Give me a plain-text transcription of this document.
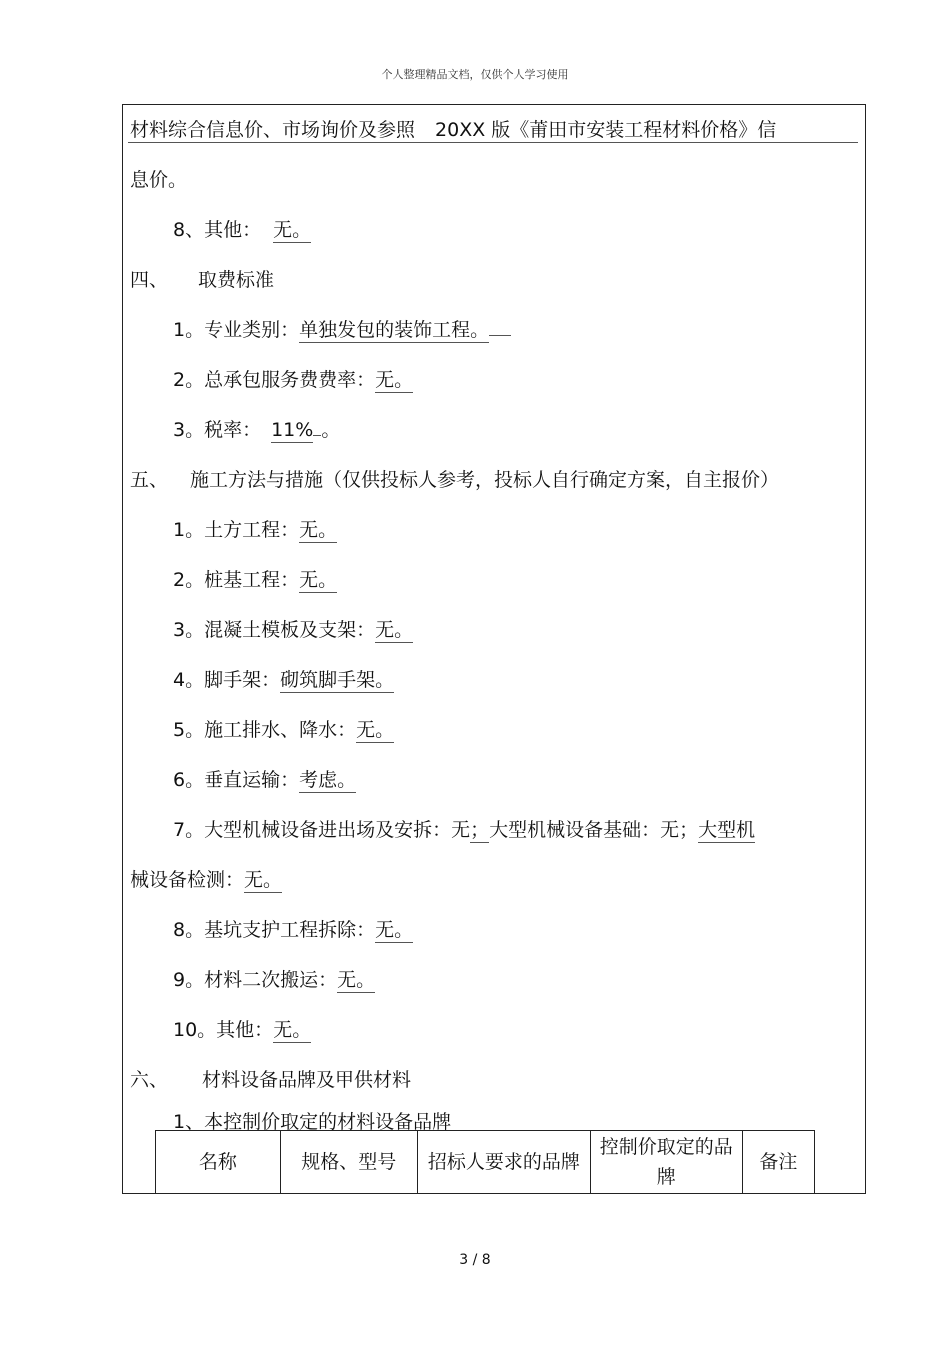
个人整理精品文档，仅供个人学习使用
材料综合信息价、市场询价及参照 20XX 版《莆田市安装工程材料价格》信
息价。
8、其他： 无。
四、 取费标准
1。专业类别：单独发包的装饰工程。
2。总承包服务费费率：无。
3。税率： 11% 。
五、 施工方法与措施（仅供投标人参考，投标人自行确定方案，自主报价）
1。土方工程：无。
2。桩基工程：无。
3。混凝土模板及支架：无。
4。脚手架：砌筑脚手架。
5。施工排水、降水：无。
6。垂直运输：考虑。
7。大型机械设备进出场及安拆：无；大型机械设备基础：无；大型机
械设备检测：无。
8。基坑支护工程拆除：无。
9。材料二次搬运：无。
10。其他：无。
六、 材料设备品牌及甲供材料
1、本控制价取定的材料设备品牌
名称	规格、型号	招标人要求的品牌	控制价取定的品牌	备注
3 / 8
